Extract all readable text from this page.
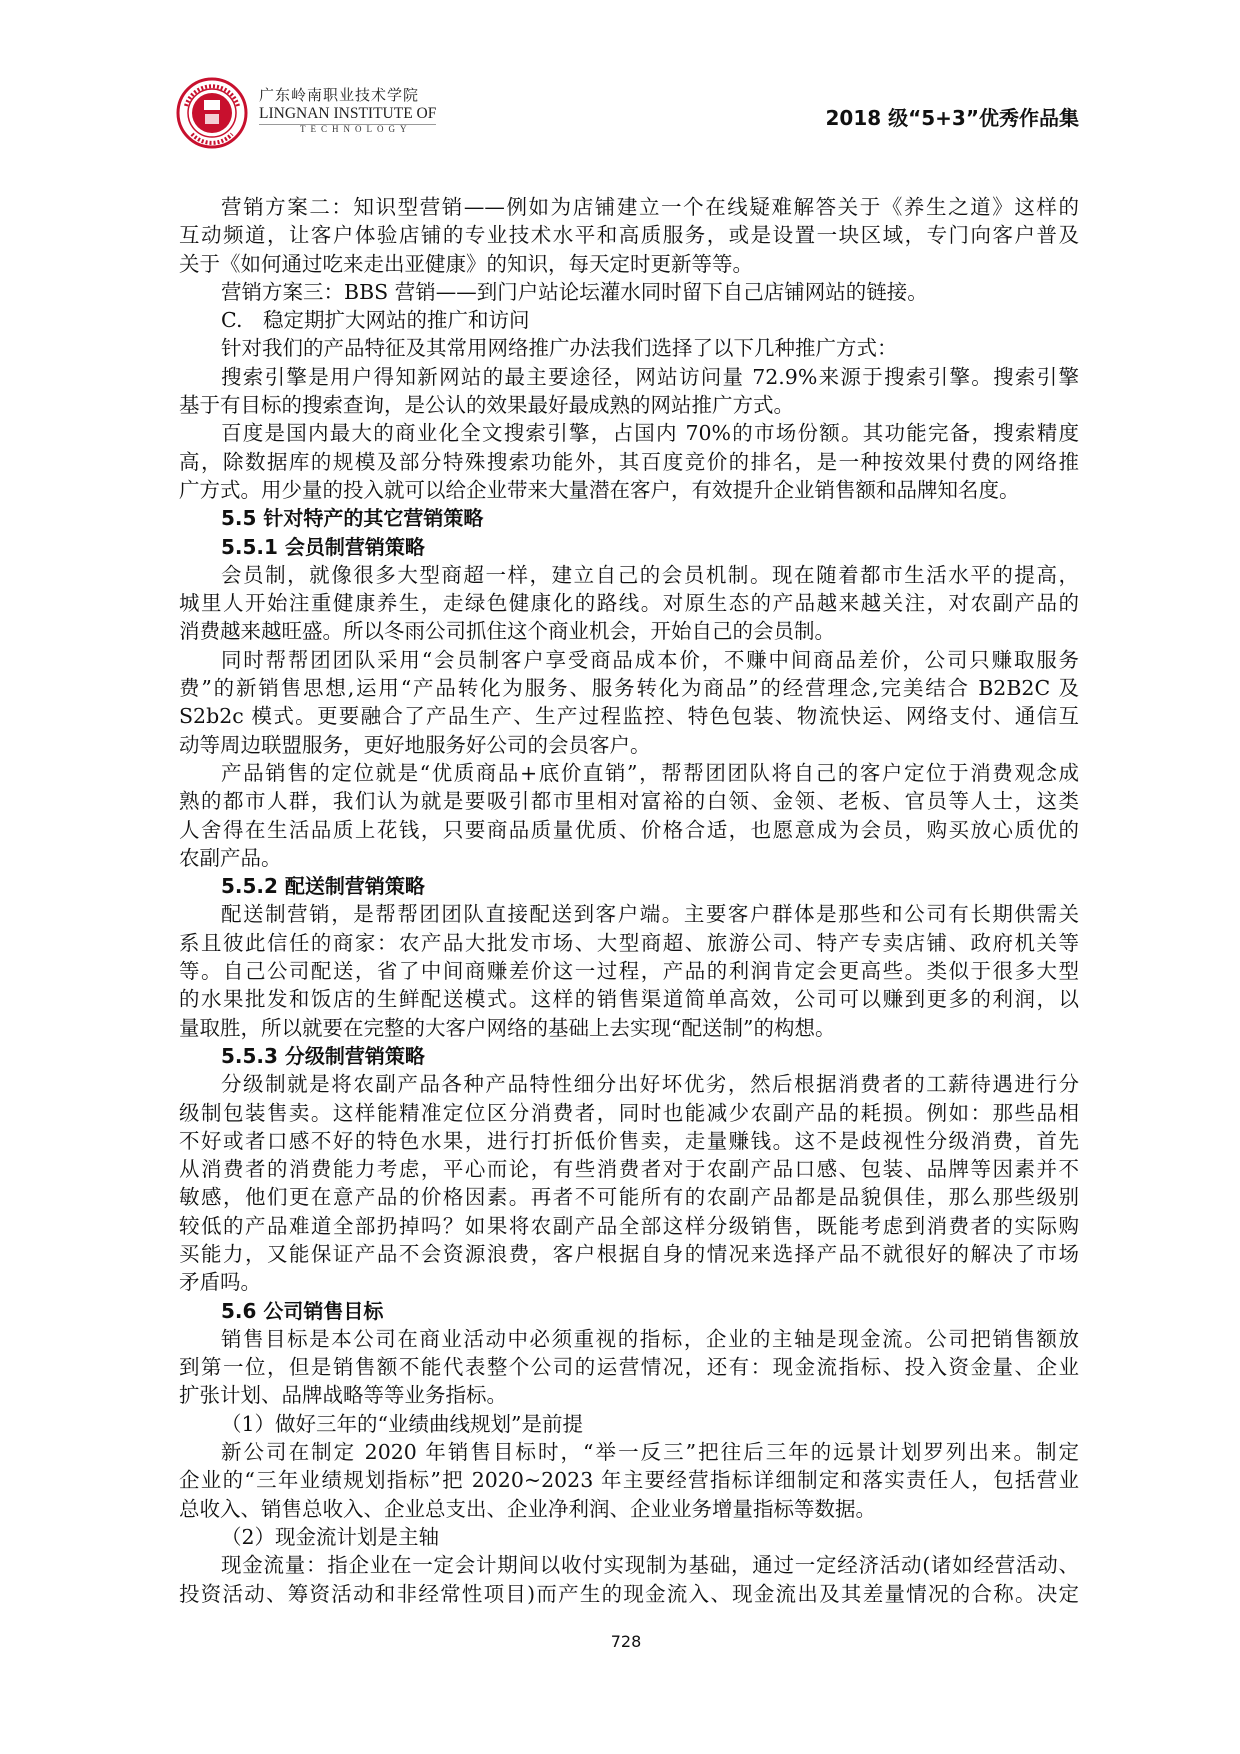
广东岭南职业技术学院
LINGNAN INSTITUTE OF
TECHNOLOGY	2018 级“5+3”优秀作品集
营销方案二：知识型营销——例如为店铺建立一个在线疑难解答关于《养生之道》这样的
互动频道，让客户体验店铺的专业技术水平和高质服务，或是设置一块区域，专门向客户普及
关于《如何通过吃来走出亚健康》的知识，每天定时更新等等。
营销方案三：BBS 营销——到门户站论坛灌水同时留下自己店铺网站的链接。
C.　稳定期扩大网站的推广和访问
针对我们的产品特征及其常用网络推广办法我们选择了以下几种推广方式：
搜索引擎是用户得知新网站的最主要途径，网站访问量 72.9%来源于搜索引擎。搜索引擎
基于有目标的搜索查询，是公认的效果最好最成熟的网站推广方式。
百度是国内最大的商业化全文搜索引擎，占国内 70%的市场份额。其功能完备，搜索精度
高，除数据库的规模及部分特殊搜索功能外，其百度竞价的排名，是一种按效果付费的网络推
广方式。用少量的投入就可以给企业带来大量潜在客户，有效提升企业销售额和品牌知名度。
5.5 针对特产的其它营销策略
5.5.1 会员制营销策略
会员制，就像很多大型商超一样，建立自己的会员机制。现在随着都市生活水平的提高，
城里人开始注重健康养生，走绿色健康化的路线。对原生态的产品越来越关注，对农副产品的
消费越来越旺盛。所以冬雨公司抓住这个商业机会，开始自己的会员制。
同时帮帮团团队采用“会员制客户享受商品成本价，不赚中间商品差价，公司只赚取服务
费”的新销售思想,运用“产品转化为服务、服务转化为商品”的经营理念,完美结合 B2B2C 及
S2b2c 模式。更要融合了产品生产、生产过程监控、特色包装、物流快运、网络支付、通信互
动等周边联盟服务，更好地服务好公司的会员客户。
产品销售的定位就是“优质商品+底价直销”，帮帮团团队将自己的客户定位于消费观念成
熟的都市人群，我们认为就是要吸引都市里相对富裕的白领、金领、老板、官员等人士，这类
人舍得在生活品质上花钱，只要商品质量优质、价格合适，也愿意成为会员，购买放心质优的
农副产品。
5.5.2 配送制营销策略
配送制营销，是帮帮团团队直接配送到客户端。主要客户群体是那些和公司有长期供需关
系且彼此信任的商家：农产品大批发市场、大型商超、旅游公司、特产专卖店铺、政府机关等
等。自己公司配送，省了中间商赚差价这一过程，产品的利润肯定会更高些。类似于很多大型
的水果批发和饭店的生鲜配送模式。这样的销售渠道简单高效，公司可以赚到更多的利润，以
量取胜，所以就要在完整的大客户网络的基础上去实现“配送制”的构想。
5.5.3 分级制营销策略
分级制就是将农副产品各种产品特性细分出好坏优劣，然后根据消费者的工薪待遇进行分
级制包装售卖。这样能精准定位区分消费者，同时也能减少农副产品的耗损。例如：那些品相
不好或者口感不好的特色水果，进行打折低价售卖，走量赚钱。这不是歧视性分级消费，首先
从消费者的消费能力考虑，平心而论，有些消费者对于农副产品口感、包装、品牌等因素并不
敏感，他们更在意产品的价格因素。再者不可能所有的农副产品都是品貌俱佳，那么那些级别
较低的产品难道全部扔掉吗？如果将农副产品全部这样分级销售，既能考虑到消费者的实际购
买能力，又能保证产品不会资源浪费，客户根据自身的情况来选择产品不就很好的解决了市场
矛盾吗。
5.6 公司销售目标
销售目标是本公司在商业活动中必须重视的指标，企业的主轴是现金流。公司把销售额放
到第一位，但是销售额不能代表整个公司的运营情况，还有：现金流指标、投入资金量、企业
扩张计划、品牌战略等等业务指标。
（1）做好三年的“业绩曲线规划”是前提
新公司在制定 2020 年销售目标时，“举一反三”把往后三年的远景计划罗列出来。制定
企业的“三年业绩规划指标”把 2020~2023 年主要经营指标详细制定和落实责任人，包括营业
总收入、销售总收入、企业总支出、企业净利润、企业业务增量指标等数据。
（2）现金流计划是主轴
现金流量：指企业在一定会计期间以收付实现制为基础，通过一定经济活动(诸如经营活动、
投资活动、筹资活动和非经常性项目)而产生的现金流入、现金流出及其差量情况的合称。决定
728
